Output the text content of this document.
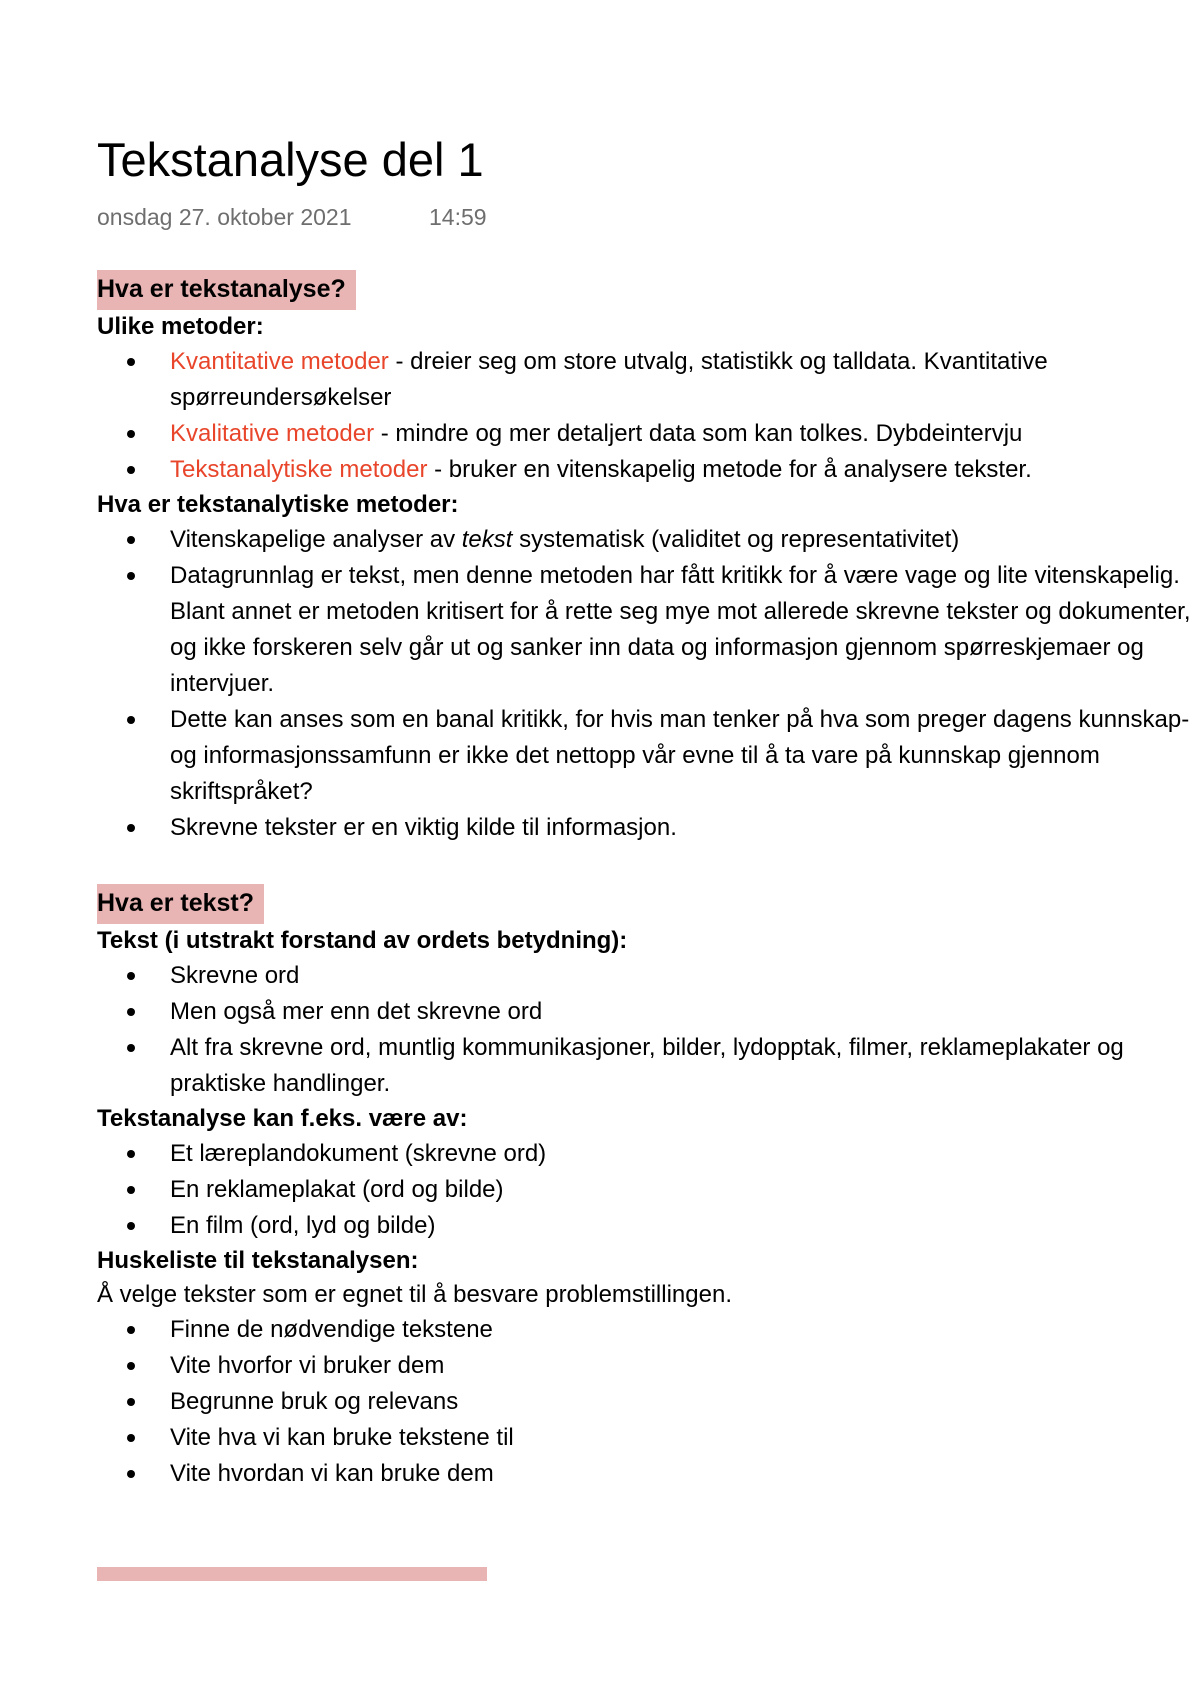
Tekstanalyse del 1
onsdag 27. oktober 2021	14:59
Hva er tekstanalyse?

Ulike metoder:

Kvantitative metoder - dreier seg om store utvalg, statistikk og talldata. Kvantitative spørreundersøkelser
Kvalitative metoder - mindre og mer detaljert data som kan tolkes. Dybdeintervju
Tekstanalytiske metoder - bruker en vitenskapelig metode for å analysere tekster.

Hva er tekstanalytiske metoder:

Vitenskapelige analyser av tekst systematisk (validitet og representativitet)
Datagrunnlag er tekst, men denne metoden har fått kritikk for å være vage og lite vitenskapelig. Blant annet er metoden kritisert for å rette seg mye mot allerede skrevne tekster og dokumenter, og ikke forskeren selv går ut og sanker inn data og informasjon gjennom spørreskjemaer og intervjuer.
Dette kan anses som en banal kritikk, for hvis man tenker på hva som preger dagens kunnskap- og informasjonssamfunn er ikke det nettopp vår evne til å ta vare på kunnskap gjennom skriftspråket?
Skrevne tekster er en viktig kilde til informasjon.
Hva er tekst?

Tekst (i utstrakt forstand av ordets betydning):

Skrevne ord
Men også mer enn det skrevne ord
Alt fra skrevne ord, muntlig kommunikasjoner, bilder, lydopptak, filmer, reklameplakater og praktiske handlinger.

Tekstanalyse kan f.eks. være av:

Et læreplandokument (skrevne ord)
En reklameplakat (ord og bilde)
En film (ord, lyd og bilde)

Huskeliste til tekstanalysen:

Å velge tekster som er egnet til å besvare problemstillingen.

Finne de nødvendige tekstene
Vite hvorfor vi bruker dem
Begrunne bruk og relevans
Vite hva vi kan bruke tekstene til
Vite hvordan vi kan bruke dem
